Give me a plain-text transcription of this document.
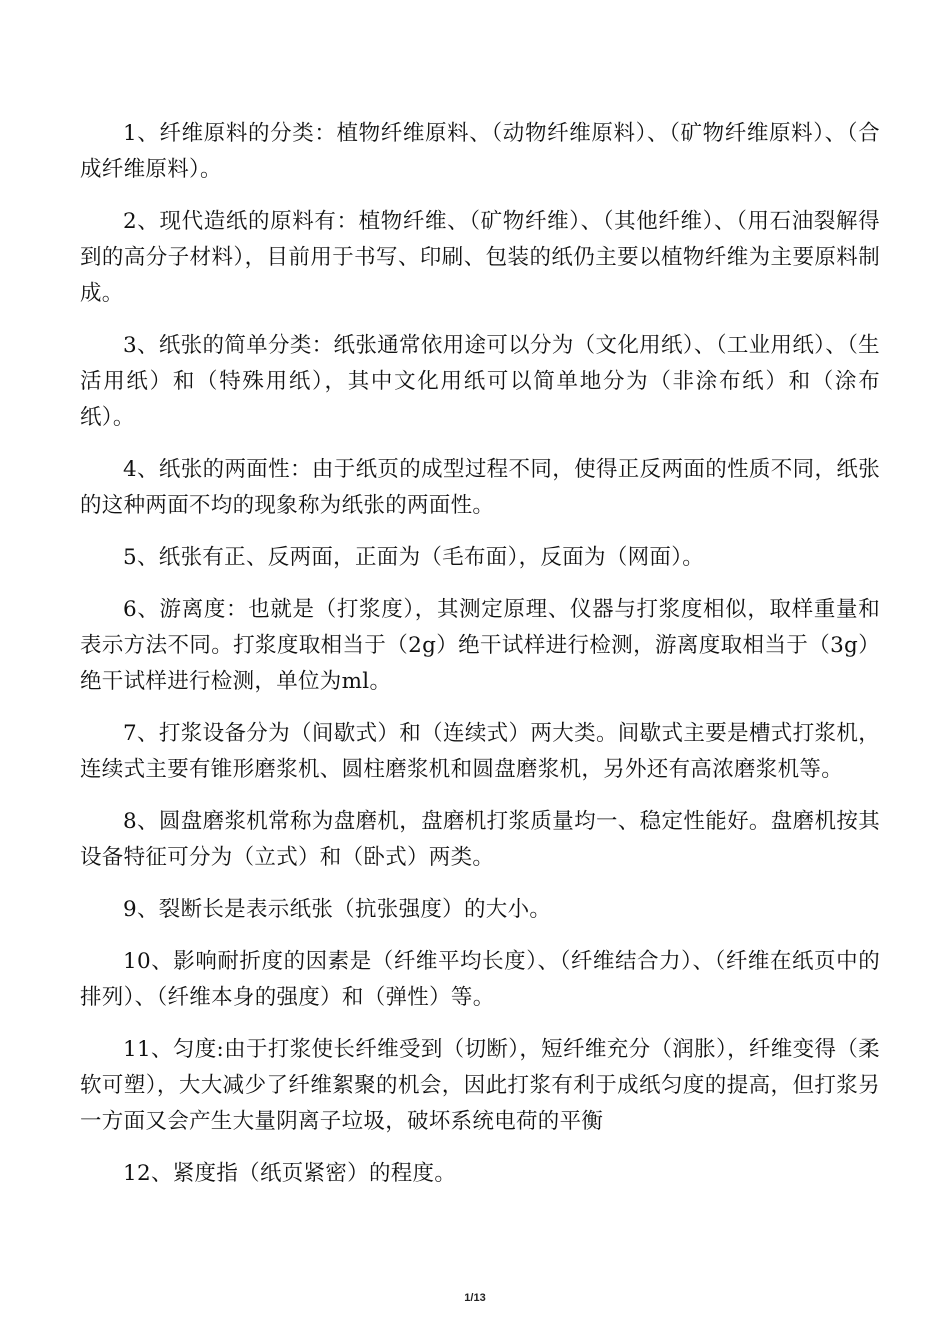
1、纤维原料的分类：植物纤维原料、（动物纤维原料）、（矿物纤维原料）、（合成纤维原料）。

2、现代造纸的原料有：植物纤维、（矿物纤维）、（其他纤维）、（用石油裂解得到的高分子材料），目前用于书写、印刷、包装的纸仍主要以植物纤维为主要原料制成。

3、纸张的简单分类：纸张通常依用途可以分为（文化用纸）、（工业用纸）、（生活用纸）和（特殊用纸），其中文化用纸可以简单地分为（非涂布纸）和（涂布纸）。

4、纸张的两面性：由于纸页的成型过程不同，使得正反两面的性质不同，纸张的这种两面不均的现象称为纸张的两面性。

5、纸张有正、反两面，正面为（毛布面），反面为（网面）。

6、游离度：也就是（打浆度），其测定原理、仪器与打浆度相似，取样重量和表示方法不同。打浆度取相当于（2g）绝干试样进行检测，游离度取相当于（3g）绝干试样进行检测，单位为ml。

7、打浆设备分为（间歇式）和（连续式）两大类。间歇式主要是槽式打浆机，连续式主要有锥形磨浆机、圆柱磨浆机和圆盘磨浆机，另外还有高浓磨浆机等。

8、圆盘磨浆机常称为盘磨机，盘磨机打浆质量均一、稳定性能好。盘磨机按其设备特征可分为（立式）和（卧式）两类。

9、裂断长是表示纸张（抗张强度）的大小。

10、影响耐折度的因素是（纤维平均长度）、（纤维结合力）、（纤维在纸页中的排列）、（纤维本身的强度）和（弹性）等。

11、匀度:由于打浆使长纤维受到（切断），短纤维充分（润胀），纤维变得（柔软可塑），大大减少了纤维絮聚的机会，因此打浆有利于成纸匀度的提高，但打浆另一方面又会产生大量阴离子垃圾，破坏系统电荷的平衡

12、紧度指（纸页紧密）的程度。

1/13
